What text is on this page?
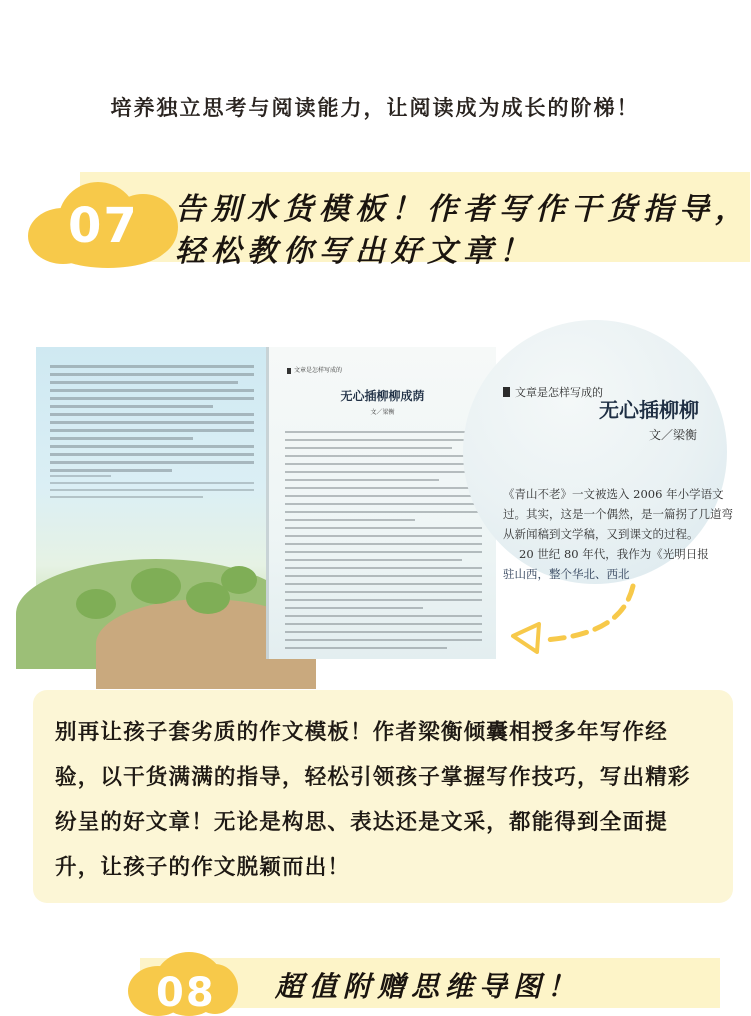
培养独立思考与阅读能力，让阅读成为成长的阶梯！
07 告别水货模板！作者写作干货指导，
轻松教你写出好文章！
文章是怎样写成的
无心插柳柳成荫
文／梁衡
文章是怎样写成的
无心插柳柳
文／梁衡
《青山不老》一文被选入 2006 年小学语文
过。其实，这是一个偶然，是一篇拐了几道弯
从新闻稿到文学稿，又到课文的过程。
20 世纪 80 年代，我作为《光明日报
驻山西，整个华北、西北

别再让孩子套劣质的作文模板！作者梁衡倾囊相授多年写作经验，以干货满满的指导，轻松引领孩子掌握写作技巧，写出精彩纷呈的好文章！无论是构思、表达还是文采，都能得到全面提升，让孩子的作文脱颖而出！

08 超值附赠思维导图！
